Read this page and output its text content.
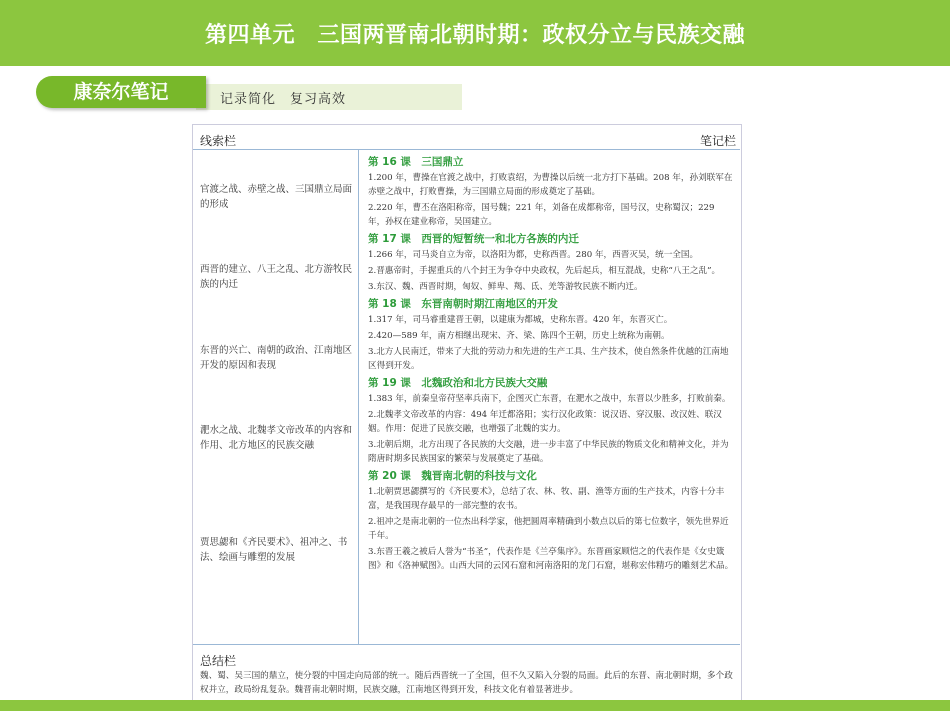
第四单元　三国两晋南北朝时期：政权分立与民族交融
记录简化　复习高效
康奈尔笔记
线索栏	笔记栏
官渡之战、赤壁之战、三国鼎立局面的形成
西晋的建立、八王之乱、北方游牧民族的内迁
东晋的兴亡、南朝的政治、江南地区开发的原因和表现
淝水之战、北魏孝文帝改革的内容和作用、北方地区的民族交融
贾思勰和《齐民要术》、祖冲之、书法、绘画与雕塑的发展
第 16 课　三国鼎立
1.200 年，曹操在官渡之战中，打败袁绍，为曹操以后统一北方打下基础。208 年，孙刘联军在赤壁之战中，打败曹操，为三国鼎立局面的形成奠定了基础。
2.220 年，曹丕在洛阳称帝，国号魏；221 年，刘备在成都称帝，国号汉，史称蜀汉；229 年，孙权在建业称帝，吴国建立。
第 17 课　西晋的短暂统一和北方各族的内迁
1.266 年，司马炎自立为帝，以洛阳为都，史称西晋。280 年，西晋灭吴，统一全国。
2.晋惠帝时，手握重兵的八个封王为争夺中央政权，先后起兵，相互混战，史称“八王之乱”。
3.东汉、魏、西晋时期，匈奴、鲜卑、羯、氐、羌等游牧民族不断内迁。
第 18 课　东晋南朝时期江南地区的开发
1.317 年，司马睿重建晋王朝，以建康为都城，史称东晋。420 年，东晋灭亡。
2.420—589 年，南方相继出现宋、齐、梁、陈四个王朝，历史上统称为南朝。
3.北方人民南迁，带来了大批的劳动力和先进的生产工具、生产技术，使自然条件优越的江南地区得到开发。
第 19 课　北魏政治和北方民族大交融
1.383 年，前秦皇帝苻坚率兵南下，企图灭亡东晋，在淝水之战中，东晋以少胜多，打败前秦。
2.北魏孝文帝改革的内容：494 年迁都洛阳；实行汉化政策：说汉语、穿汉服、改汉姓、联汉姻。作用：促进了民族交融，也增强了北魏的实力。
3.北朝后期，北方出现了各民族的大交融，进一步丰富了中华民族的物质文化和精神文化，并为隋唐时期多民族国家的繁荣与发展奠定了基础。
第 20 课　魏晋南北朝的科技与文化
1.北朝贾思勰撰写的《齐民要术》，总结了农、林、牧、副、渔等方面的生产技术，内容十分丰富，是我国现存最早的一部完整的农书。
2.祖冲之是南北朝的一位杰出科学家，他把圆周率精确到小数点以后的第七位数字，领先世界近千年。
3.东晋王羲之被后人誉为“书圣”，代表作是《兰亭集序》。东晋画家顾恺之的代表作是《女史箴图》和《洛神赋图》。山西大同的云冈石窟和河南洛阳的龙门石窟，堪称宏伟精巧的雕刻艺术品。
总结栏
魏、蜀、吴三国的鼎立，使分裂的中国走向局部的统一。随后西晋统一了全国，但不久又陷入分裂的局面。此后的东晋、南北朝时期，多个政权并立，政局纷乱复杂。魏晋南北朝时期，民族交融，江南地区得到开发，科技文化有着显著进步。
